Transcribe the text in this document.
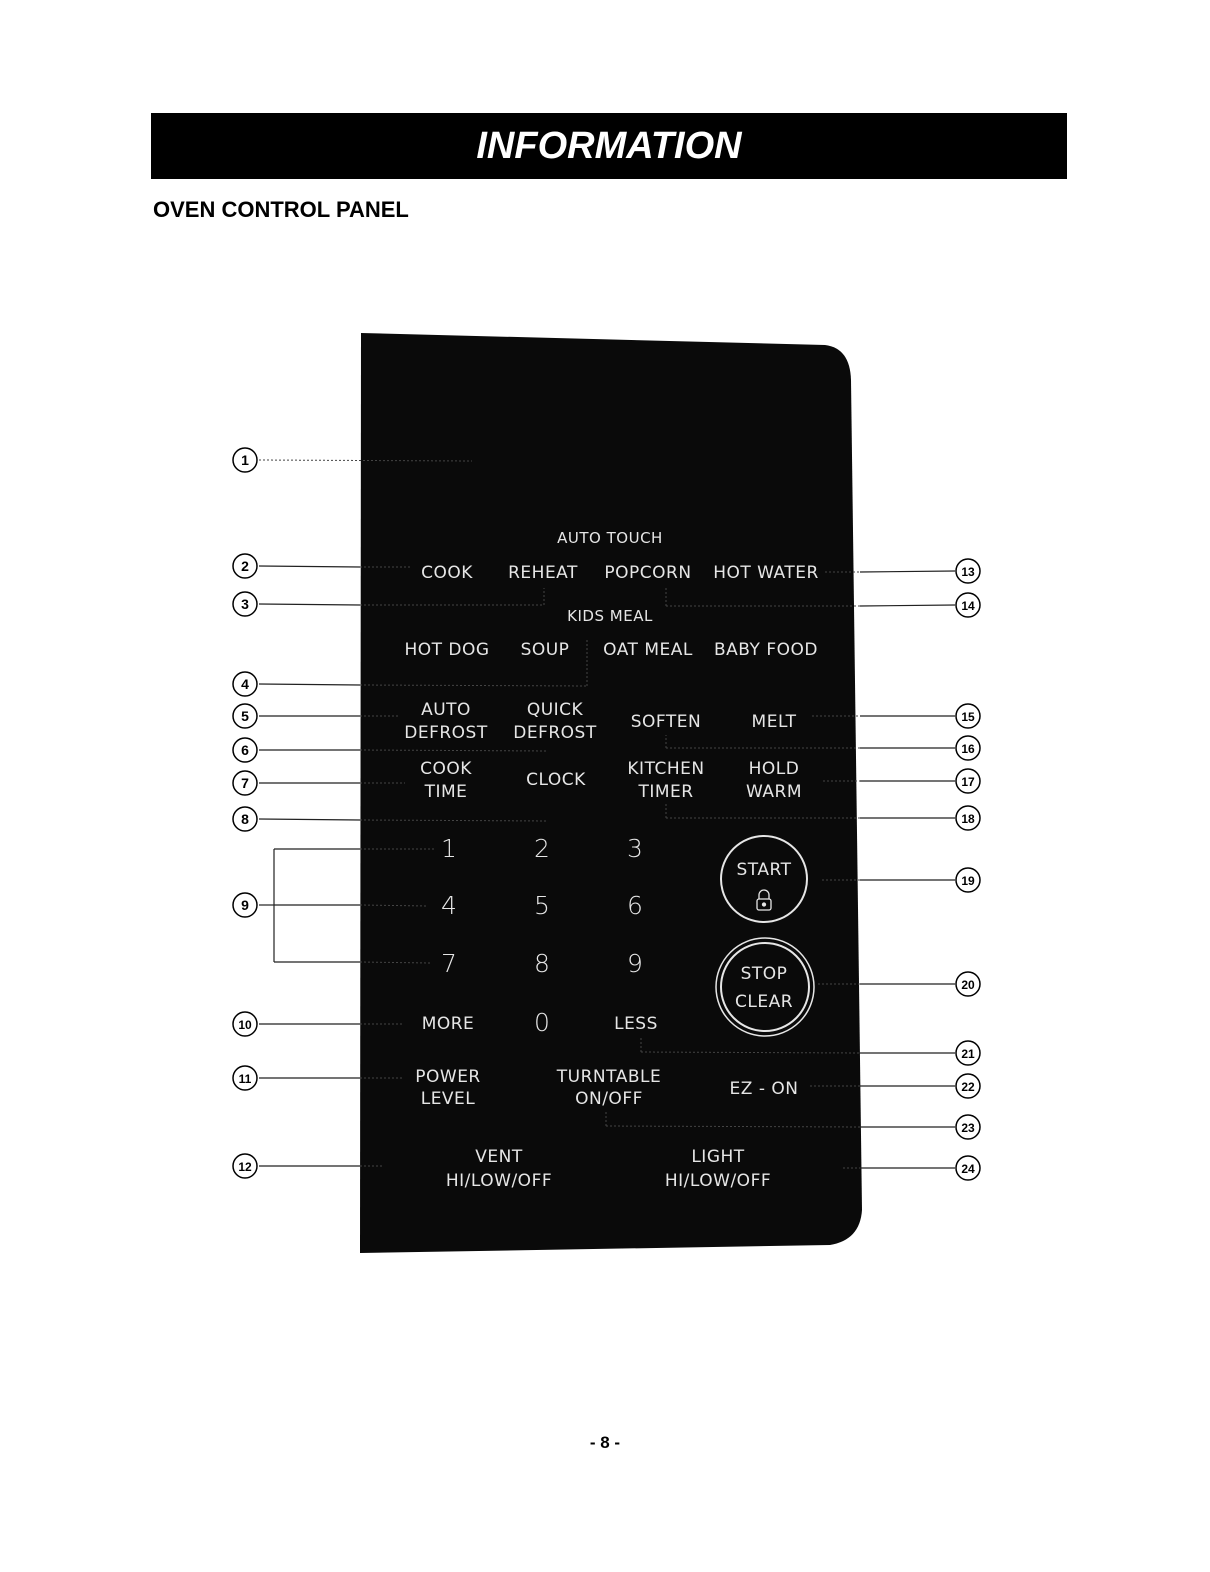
INFORMATION
OVEN CONTROL PANEL
AUTO TOUCH
COOK REHEAT POPCORN HOT WATER
KIDS MEAL
HOT DOG SOUP OAT MEAL BABY FOOD
AUTO
DEFROST
QUICK
DEFROST
SOFTEN	MELT
COOK
TIME
CLOCK
KITCHEN
TIMER
HOLD
WARM
1	2	3
4	5	6
7	8	9
MORE 0	LESS
START
STOP
CLEAR
POWER
LEVEL
TURNTABLE
ON/OFF	EZ - ON
VENT
HI/LOW/OFF
LIGHT
HI/LOW/OFF
1
2
3
4
5
6
7
8
9
10
11
12
13
14
15
16
17
18
19
20
21
22
23
24
- 8 -
